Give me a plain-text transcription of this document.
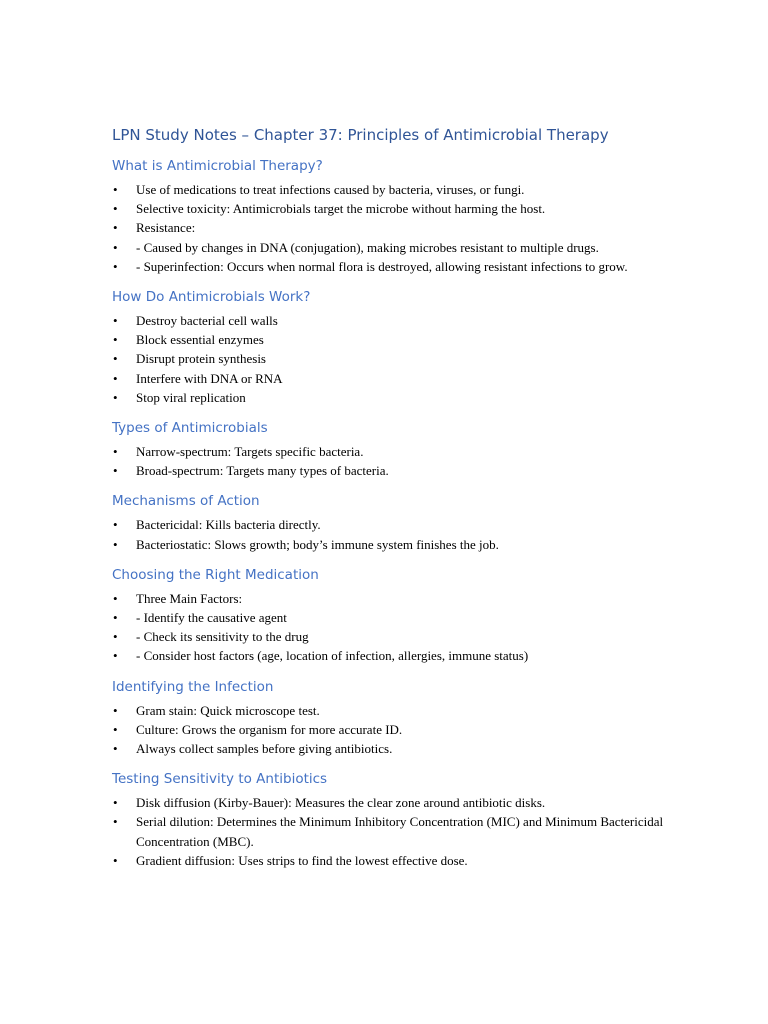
LPN Study Notes – Chapter 37: Principles of Antimicrobial Therapy
What is Antimicrobial Therapy?
• Use of medications to treat infections caused by bacteria, viruses, or fungi.
• Selective toxicity: Antimicrobials target the microbe without harming the host.
• Resistance:
• - Caused by changes in DNA (conjugation), making microbes resistant to multiple drugs.
• - Superinfection: Occurs when normal flora is destroyed, allowing resistant infections to grow.
How Do Antimicrobials Work?
• Destroy bacterial cell walls
• Block essential enzymes
• Disrupt protein synthesis
• Interfere with DNA or RNA
• Stop viral replication
Types of Antimicrobials
• Narrow-spectrum: Targets specific bacteria.
• Broad-spectrum: Targets many types of bacteria.
Mechanisms of Action
• Bactericidal: Kills bacteria directly.
• Bacteriostatic: Slows growth; body’s immune system finishes the job.
Choosing the Right Medication
• Three Main Factors:
• - Identify the causative agent
• - Check its sensitivity to the drug
• - Consider host factors (age, location of infection, allergies, immune status)
Identifying the Infection
• Gram stain: Quick microscope test.
• Culture: Grows the organism for more accurate ID.
• Always collect samples before giving antibiotics.
Testing Sensitivity to Antibiotics
• Disk diffusion (Kirby-Bauer): Measures the clear zone around antibiotic disks.
• Serial dilution: Determines the Minimum Inhibitory Concentration (MIC) and Minimum Bactericidal Concentration (MBC).
• Gradient diffusion: Uses strips to find the lowest effective dose.
